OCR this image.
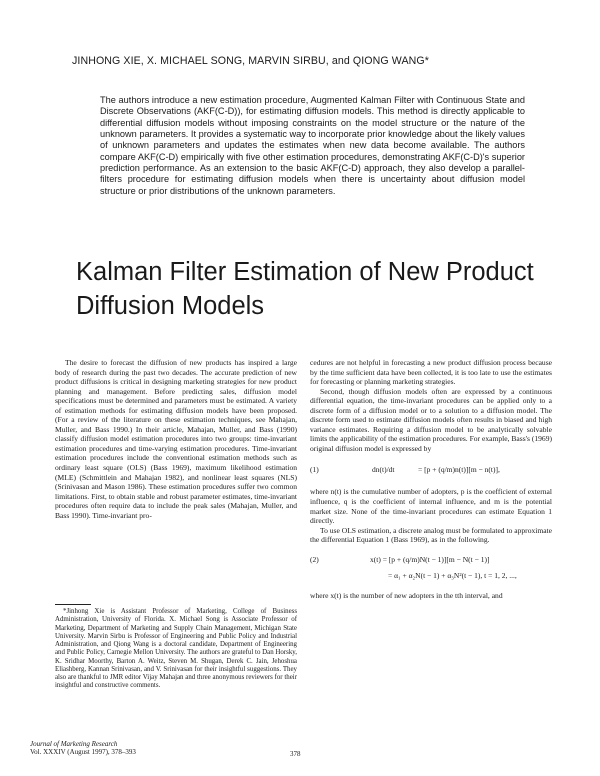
JINHONG XIE, X. MICHAEL SONG, MARVIN SIRBU, and QIONG WANG*

The authors introduce a new estimation procedure, Augmented Kalman Filter with Continuous State and Discrete Observations (AKF(C-D)), for estimating diffusion models. This method is directly applicable to differential diffusion models without imposing constraints on the model structure or the nature of the unknown parameters. It provides a systematic way to incorporate prior knowledge about the likely values of unknown parameters and updates the estimates when new data become available. The authors compare AKF(C-D) empirically with five other estimation procedures, demonstrating AKF(C-D)'s superior prediction performance. As an extension to the basic AKF(C-D) approach, they also develop a parallel-filters procedure for estimating diffusion models when there is uncertainty about diffusion model structure or prior distributions of the unknown parameters.

Kalman Filter Estimation of New Product
Diffusion Models

The desire to forecast the diffusion of new products has inspired a large body of research during the past two decades. The accurate prediction of new product diffusions is critical in designing marketing strategies for new product planning and management. Before predicting sales, diffusion model specifications must be determined and parameters must be estimated. A variety of estimation methods for estimating diffusion models have been proposed. (For a review of the literature on these estimation techniques, see Mahajan, Muller, and Bass 1990.) In their article, Mahajan, Muller, and Bass (1990) classify diffusion model estimation procedures into two groups: time-invariant estimation procedures and time-varying estimation procedures. Time-invariant estimation procedures include the conventional estimation methods such as ordinary least square (OLS) (Bass 1969), maximum likelihood estimation (MLE) (Schmittlein and Mahajan 1982), and nonlinear least squares (NLS) (Srinivasan and Mason 1986). These estimation procedures suffer two common limitations. First, to obtain stable and robust parameter estimates, time-invariant procedures often require data to include the peak sales (Mahajan, Muller, and Bass 1990). Time-invariant pro-

*Jinhong Xie is Assistant Professor of Marketing, College of Business Administration, University of Florida. X. Michael Song is Associate Professor of Marketing, Department of Marketing and Supply Chain Management, Michigan State University. Marvin Sirbu is Professor of Engineering and Public Policy and Industrial Administration, and Qiong Wang is a doctoral candidate, Department of Engineering and Public Policy, Carnegie Mellon University. The authors are grateful to Dan Horsky, K. Sridhar Moorthy, Barton A. Weitz, Steven M. Shugan, Derek C. Jain, Jehoshua Eliashberg, Kannan Srinivasan, and V. Srinivasan for their insightful suggestions. They also are thankful to JMR editor Vijay Mahajan and three anonymous reviewers for their insightful and constructive comments.

Journal of Marketing Research
Vol. XXXIV (August 1997), 378–393	378

cedures are not helpful in forecasting a new product diffusion process because by the time sufficient data have been collected, it is too late to use the estimates for forecasting or planning marketing strategies.

Second, though diffusion models often are expressed by a continuous differential equation, the time-invariant procedures can be applied only to a discrete form of a diffusion model or to a solution to a diffusion model. The discrete form used to estimate diffusion models often results in biased and high variance estimates. Requiring a diffusion model to be analytically solvable limits the applicability of the estimation procedures. For example, Bass's (1969) original diffusion model is expressed by

(1)	dn(t)/dt	= [p + (q/m)n(t)][m − n(t)],

where n(t) is the cumulative number of adopters, p is the coefficient of external influence, q is the coefficient of internal influence, and m is the potential market size. None of the time-invariant procedures can estimate Equation 1 directly.

To use OLS estimation, a discrete analog must be formulated to approximate the differential Equation 1 (Bass 1969), as in the following.

(2)	x(t) = [p + (q/m)N(t − 1)][m − N(t − 1)]
= α₁ + α₂N(t − 1) + α₃N²(t − 1), t = 1, 2, ...,

where x(t) is the number of new adopters in the tth interval, and
